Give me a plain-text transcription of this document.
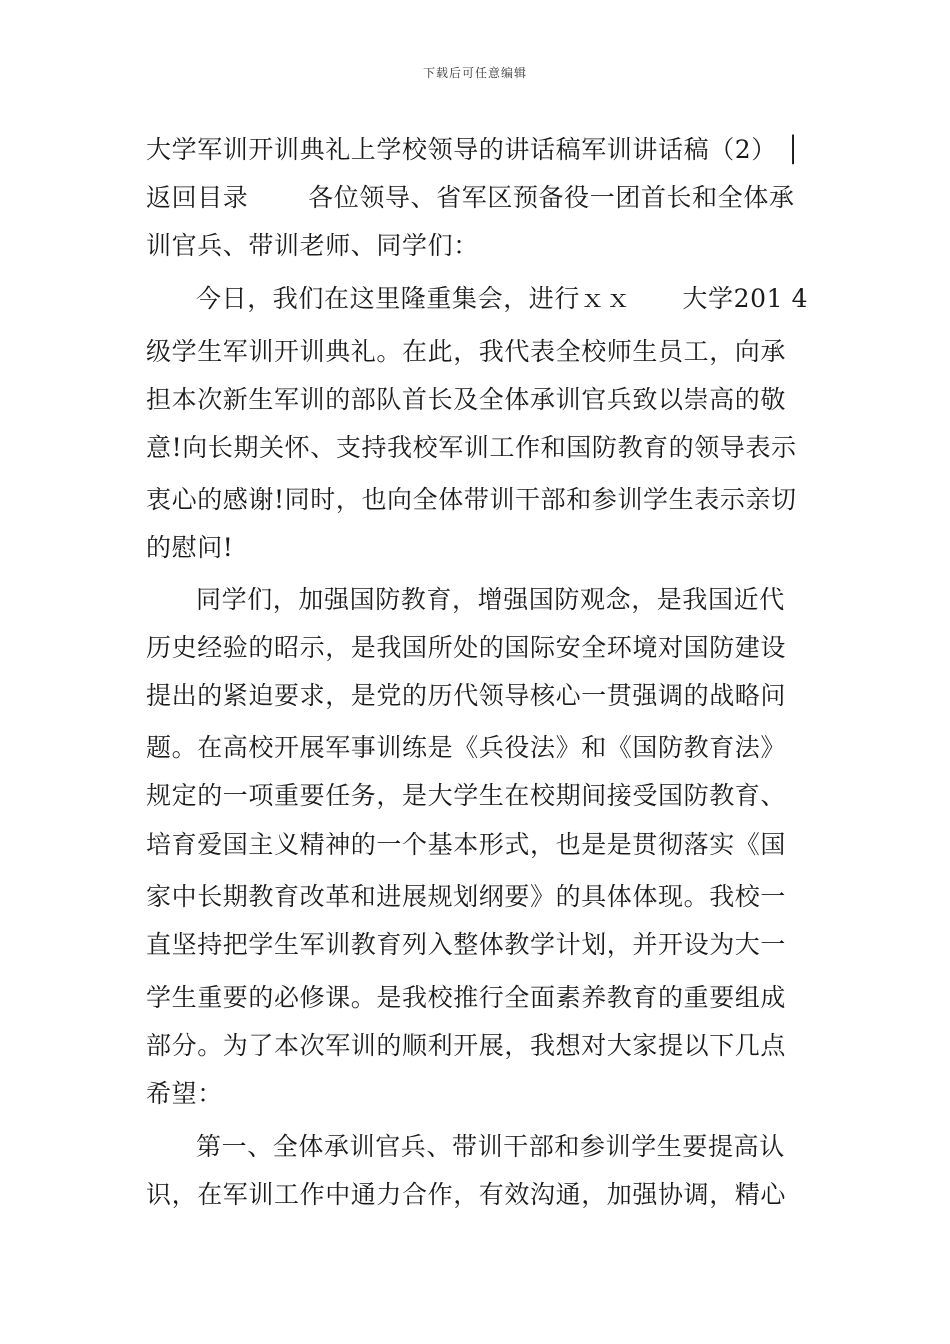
下载后可任意编辑
大学军训开训典礼上学校领导的讲话稿军训讲话稿（2） │
返回目录　　 各位领导、省军区预备役一团首长和全体承
训官兵、带训老师、同学们：
今日，我们在这里隆重集会，进行ｘｘ　　大学201 4
级学生军训开训典礼。在此，我代表全校师生员工，向承
担本次新生军训的部队首长及全体承训官兵致以崇高的敬
意!向长期关怀、支持我校军训工作和国防教育的领导表示
衷心的感谢!同时，也向全体带训干部和参训学生表示亲切
的慰问!
同学们，加强国防教育，增强国防观念，是我国近代
历史经验的昭示，是我国所处的国际安全环境对国防建设
提出的紧迫要求，是党的历代领导核心一贯强调的战略问
题。在高校开展军事训练是《兵役法》和《国防教育法》
规定的一项重要任务，是大学生在校期间接受国防教育、
培育爱国主义精神的一个基本形式，也是是贯彻落实《国
家中长期教育改革和进展规划纲要》的具体体现。我校一
直坚持把学生军训教育列入整体教学计划，并开设为大一
学生重要的必修课。是我校推行全面素养教育的重要组成
部分。为了本次军训的顺利开展，我想对大家提以下几点
希望：
第一、全体承训官兵、带训干部和参训学生要提高认
识，在军训工作中通力合作，有效沟通，加强协调，精心
